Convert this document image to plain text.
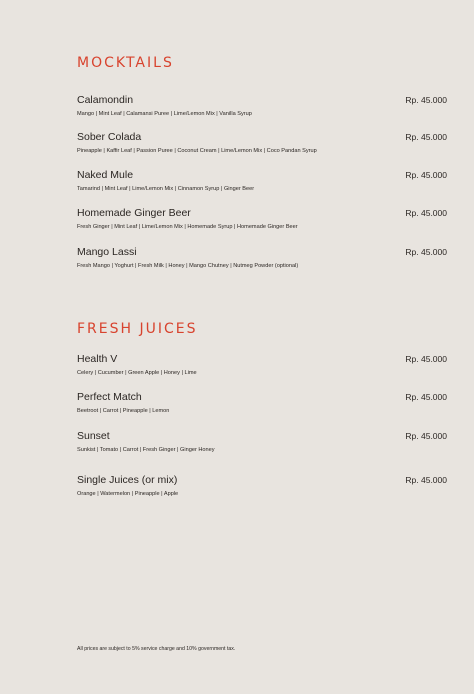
MOCKTAILS
Calamondin	Rp. 45.000
Mango | Mint Leaf | Calamansi Puree | Lime/Lemon Mix | Vanilla Syrup
Sober Colada	Rp. 45.000
Pineapple | Kaffir Leaf | Passion Puree | Coconut Cream | Lime/Lemon Mix | Coco Pandan Syrup
Naked Mule	Rp. 45.000
Tamarind | Mint Leaf | Lime/Lemon Mix | Cinnamon Syrup | Ginger Beer
Homemade Ginger Beer	Rp. 45.000
Fresh Ginger | Mint Leaf | Lime/Lemon Mix | Homemade Syrup | Homemade Ginger Beer
Mango Lassi	Rp. 45.000
Fresh Mango | Yoghurt | Fresh Milk | Honey | Mango Chutney | Nutmeg Powder (optional)
FRESH JUICES
Health V	Rp. 45.000
Celery | Cucumber | Green Apple | Honey | Lime
Perfect Match	Rp. 45.000
Beetroot | Carrot | Pineapple | Lemon
Sunset	Rp. 45.000
Sunkist | Tomato | Carrot | Fresh Ginger | Ginger Honey
Single Juices (or mix)	Rp. 45.000
Orange | Watermelon | Pineapple | Apple
All prices are subject to 5% service charge and 10% government tax.
